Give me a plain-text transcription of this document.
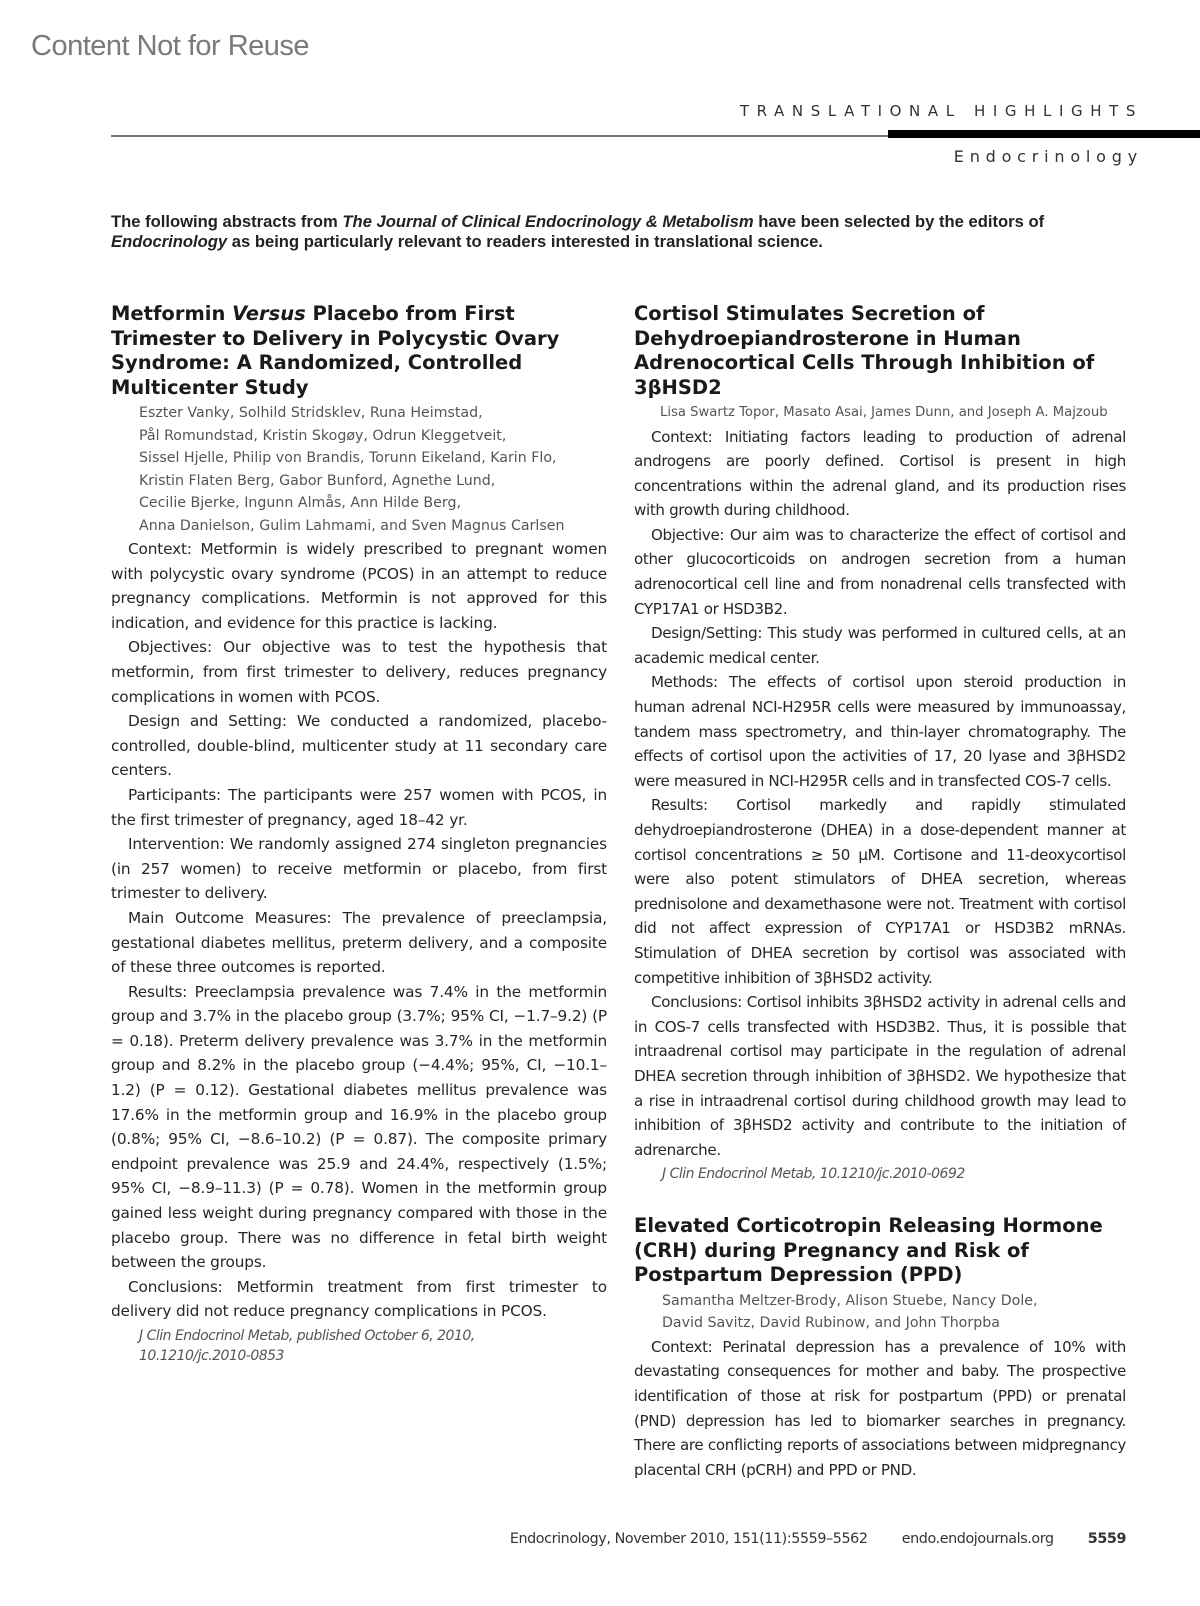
Content Not for Reuse
TRANSLATIONAL HIGHLIGHTS
Endocrinology
The following abstracts from The Journal of Clinical Endocrinology & Metabolism have been selected by the editors of
Endocrinology as being particularly relevant to readers interested in translational science.
Metformin Versus Placebo from First Trimester to Delivery in Polycystic Ovary Syndrome: A Randomized, Controlled Multicenter Study
Eszter Vanky, Solhild Stridsklev, Runa Heimstad,
Pål Romundstad, Kristin Skogøy, Odrun Kleggetveit,
Sissel Hjelle, Philip von Brandis, Torunn Eikeland, Karin Flo,
Kristin Flaten Berg, Gabor Bunford, Agnethe Lund,
Cecilie Bjerke, Ingunn Almås, Ann Hilde Berg,
Anna Danielson, Gulim Lahmami, and Sven Magnus Carlsen

Context: Metformin is widely prescribed to pregnant women with polycystic ovary syndrome (PCOS) in an attempt to reduce pregnancy complications. Metformin is not approved for this indication, and evidence for this practice is lacking.

Objectives: Our objective was to test the hypothesis that metformin, from first trimester to delivery, reduces pregnancy complications in women with PCOS.

Design and Setting: We conducted a randomized, placebo-controlled, double-blind, multicenter study at 11 secondary care centers.

Participants: The participants were 257 women with PCOS, in the first trimester of pregnancy, aged 18–42 yr.

Intervention: We randomly assigned 274 singleton pregnancies (in 257 women) to receive metformin or placebo, from first trimester to delivery.

Main Outcome Measures: The prevalence of preeclampsia, gestational diabetes mellitus, preterm delivery, and a composite of these three outcomes is reported.

Results: Preeclampsia prevalence was 7.4% in the metformin group and 3.7% in the placebo group (3.7%; 95% CI, −1.7–9.2) (P = 0.18). Preterm delivery prevalence was 3.7% in the metformin group and 8.2% in the placebo group (−4.4%; 95%, CI, −10.1–1.2) (P = 0.12). Gestational diabetes mellitus prevalence was 17.6% in the metformin group and 16.9% in the placebo group (0.8%; 95% CI, −8.6–10.2) (P = 0.87). The composite primary endpoint prevalence was 25.9 and 24.4%, respectively (1.5%; 95% CI, −8.9–11.3) (P = 0.78). Women in the metformin group gained less weight during pregnancy compared with those in the placebo group. There was no difference in fetal birth weight between the groups.

Conclusions: Metformin treatment from first trimester to delivery did not reduce pregnancy complications in PCOS.

J Clin Endocrinol Metab, published October 6, 2010,
10.1210/jc.2010-0853
Cortisol Stimulates Secretion of Dehydroepiandrosterone in Human Adrenocortical Cells Through Inhibition of 3βHSD2
Lisa Swartz Topor, Masato Asai, James Dunn, and Joseph A. Majzoub

Context: Initiating factors leading to production of adrenal androgens are poorly defined. Cortisol is present in high concentrations within the adrenal gland, and its production rises with growth during childhood.

Objective: Our aim was to characterize the effect of cortisol and other glucocorticoids on androgen secretion from a human adrenocortical cell line and from nonadrenal cells transfected with CYP17A1 or HSD3B2.

Design/Setting: This study was performed in cultured cells, at an academic medical center.

Methods: The effects of cortisol upon steroid production in human adrenal NCI-H295R cells were measured by immunoassay, tandem mass spectrometry, and thin-layer chromatography. The effects of cortisol upon the activities of 17, 20 lyase and 3βHSD2 were measured in NCI-H295R cells and in transfected COS-7 cells.

Results: Cortisol markedly and rapidly stimulated dehydroepiandrosterone (DHEA) in a dose-dependent manner at cortisol concentrations ≥ 50 μM. Cortisone and 11-deoxycortisol were also potent stimulators of DHEA secretion, whereas prednisolone and dexamethasone were not. Treatment with cortisol did not affect expression of CYP17A1 or HSD3B2 mRNAs. Stimulation of DHEA secretion by cortisol was associated with competitive inhibition of 3βHSD2 activity.

Conclusions: Cortisol inhibits 3βHSD2 activity in adrenal cells and in COS-7 cells transfected with HSD3B2. Thus, it is possible that intraadrenal cortisol may participate in the regulation of adrenal DHEA secretion through inhibition of 3βHSD2. We hypothesize that a rise in intraadrenal cortisol during childhood growth may lead to inhibition of 3βHSD2 activity and contribute to the initiation of adrenarche.

J Clin Endocrinol Metab, 10.1210/jc.2010-0692
Elevated Corticotropin Releasing Hormone (CRH) during Pregnancy and Risk of Postpartum Depression (PPD)
Samantha Meltzer-Brody, Alison Stuebe, Nancy Dole,
David Savitz, David Rubinow, and John Thorpba

Context: Perinatal depression has a prevalence of 10% with devastating consequences for mother and baby. The prospective identification of those at risk for postpartum (PPD) or prenatal (PND) depression has led to biomarker searches in pregnancy. There are conflicting reports of associations between midpregnancy placental CRH (pCRH) and PPD or PND.

Endocrinology, November 2010, 151(11):5559–5562 endo.endojournals.org 5559
